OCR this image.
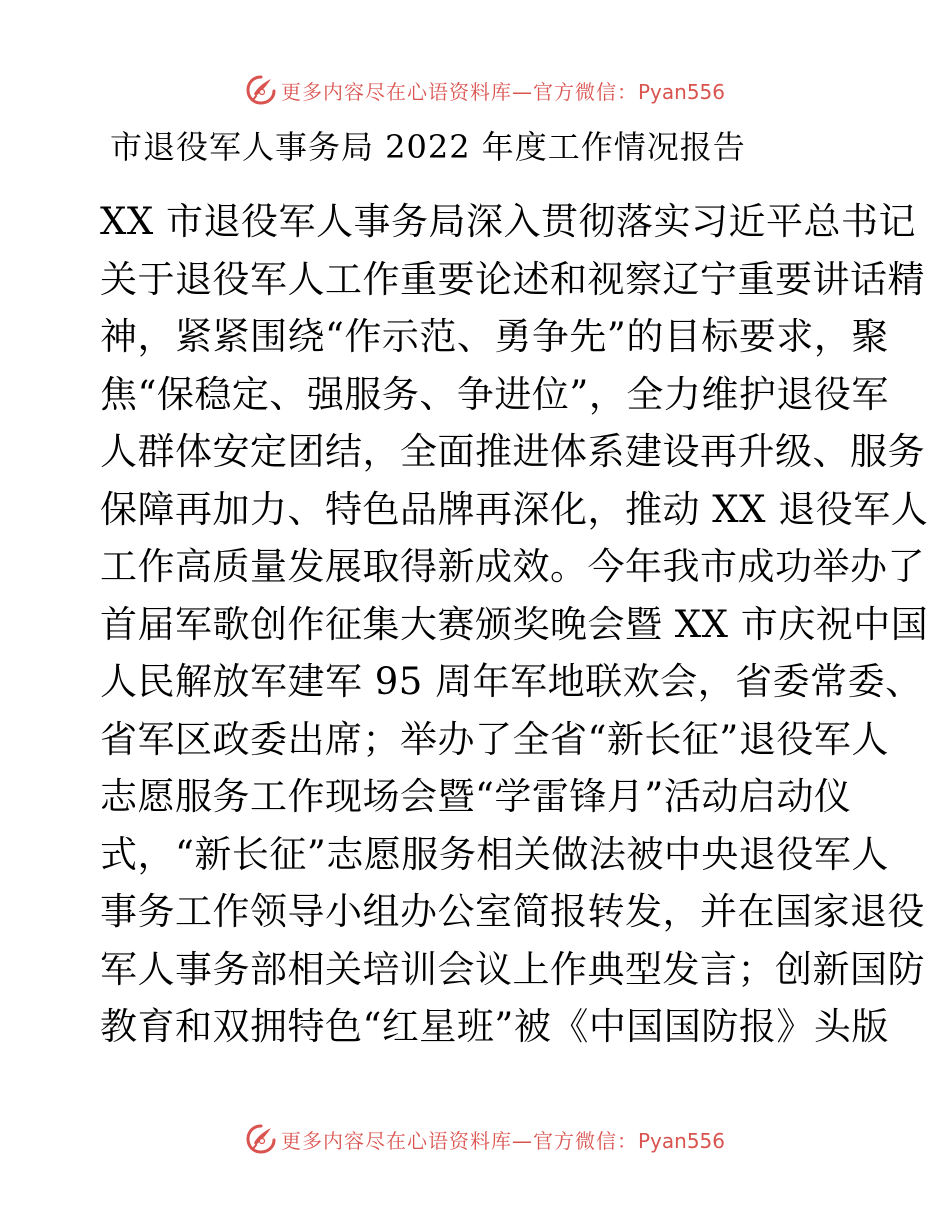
更多内容尽在心语资料库—官方微信：Pyan556
市退役军人事务局 2022 年度工作情况报告
XX 市退役军人事务局深入贯彻落实习近平总书记
关于退役军人工作重要论述和视察辽宁重要讲话精
神，紧紧围绕“作示范、勇争先”的目标要求，聚
焦“保稳定、强服务、争进位”，全力维护退役军
人群体安定团结，全面推进体系建设再升级、服务
保障再加力、特色品牌再深化，推动 XX 退役军人
工作高质量发展取得新成效。今年我市成功举办了
首届军歌创作征集大赛颁奖晚会暨 XX 市庆祝中国
人民解放军建军 95 周年军地联欢会，省委常委、
省军区政委出席；举办了全省“新长征”退役军人
志愿服务工作现场会暨“学雷锋月”活动启动仪
式，“新长征”志愿服务相关做法被中央退役军人
事务工作领导小组办公室简报转发，并在国家退役
军人事务部相关培训会议上作典型发言；创新国防
教育和双拥特色“红星班”被《中国国防报》头版
更多内容尽在心语资料库—官方微信：Pyan556
